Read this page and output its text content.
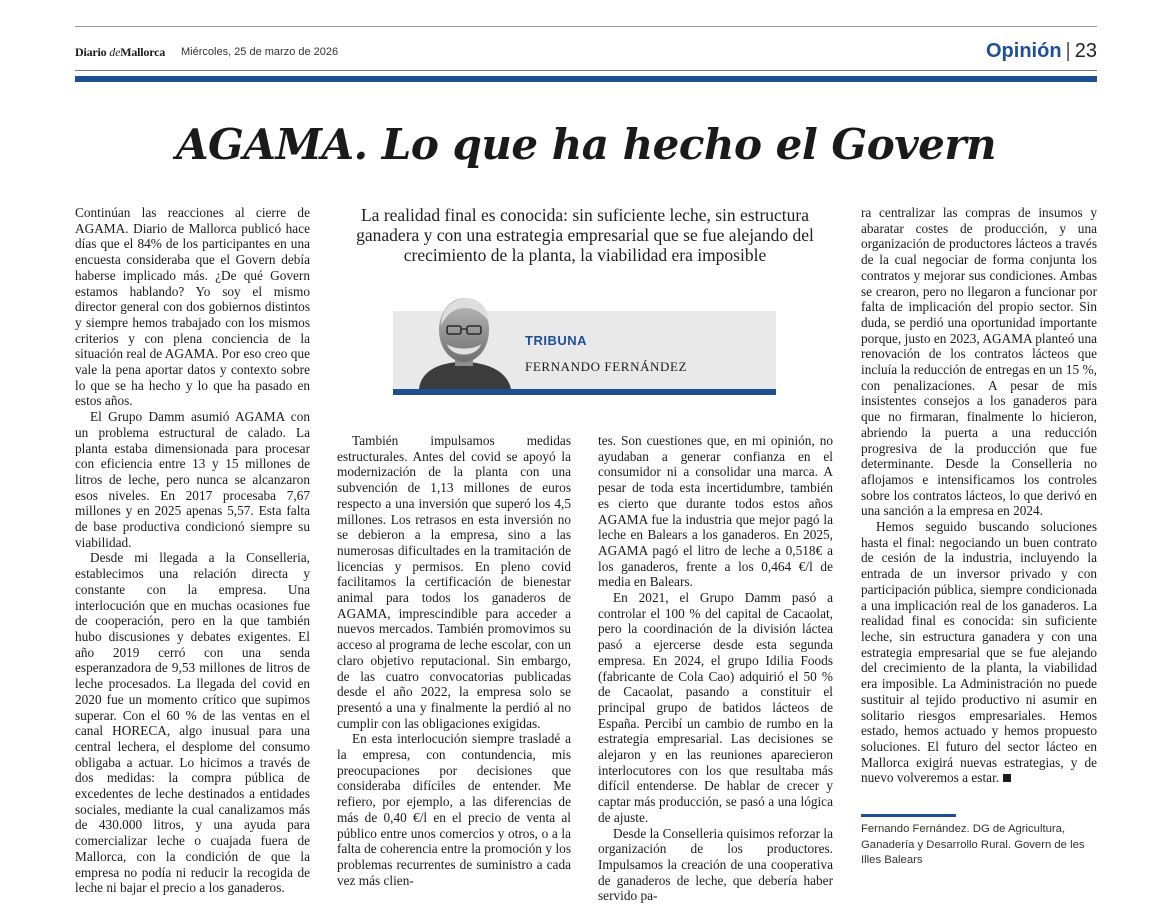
Diario deMallorca Miércoles, 25 de marzo de 2026	Opinión | 23
AGAMA. Lo que ha hecho el Govern

Continúan las reacciones al cierre de AGAMA. Diario de Mallorca publicó hace días que el 84% de los participantes en una encuesta consideraba que el Govern debía haberse implicado más. ¿De qué Govern estamos hablando? Yo soy el mismo director general con dos gobiernos distintos y siempre hemos trabajado con los mismos criterios y con plena conciencia de la situación real de AGAMA. Por eso creo que vale la pena aportar datos y contexto sobre lo que se ha hecho y lo que ha pasado en estos años.

El Grupo Damm asumió AGAMA con un problema estructural de calado. La planta estaba dimensionada para procesar con eficiencia entre 13 y 15 millones de litros de leche, pero nunca se alcanzaron esos niveles. En 2017 procesaba 7,67 millones y en 2025 apenas 5,57. Esta falta de base productiva condicionó siempre su viabilidad.

Desde mi llegada a la Conselleria, establecimos una relación directa y constante con la empresa. Una interlocución que en muchas ocasiones fue de cooperación, pero en la que también hubo discusiones y debates exigentes. El año 2019 cerró con una senda esperanzadora de 9,53 millones de litros de leche procesados. La llegada del covid en 2020 fue un momento crítico que supimos superar. Con el 60 % de las ventas en el canal HORECA, algo inusual para una central lechera, el desplome del consumo obligaba a actuar. Lo hicimos a través de dos medidas: la compra pública de excedentes de leche destinados a entidades sociales, mediante la cual canalizamos más de 430.000 litros, y una ayuda para comercializar leche o cuajada fuera de Mallorca, con la condición de que la empresa no podía ni reducir la recogida de leche ni bajar el precio a los ganaderos.

La realidad final es conocida: sin suficiente leche, sin estructura ganadera y con una estrategia empresarial que se fue alejando del crecimiento de la planta, la viabilidad era imposible
TRIBUNA
FERNANDO FERNÁNDEZ

También impulsamos medidas estructurales. Antes del covid se apoyó la modernización de la planta con una subvención de 1,13 millones de euros respecto a una inversión que superó los 4,5 millones. Los retrasos en esta inversión no se debieron a la empresa, sino a las numerosas dificultades en la tramitación de licencias y permisos. En pleno covid facilitamos la certificación de bienestar animal para todos los ganaderos de AGAMA, imprescindible para acceder a nuevos mercados. También promovimos su acceso al programa de leche escolar, con un claro objetivo reputacional. Sin embargo, de las cuatro convocatorias publicadas desde el año 2022, la empresa solo se presentó a una y finalmente la perdió al no cumplir con las obligaciones exigidas.

En esta interlocución siempre trasladé a la empresa, con contundencia, mis preocupaciones por decisiones que consideraba difíciles de entender. Me refiero, por ejemplo, a las diferencias de más de 0,40 €/l en el precio de venta al público entre unos comercios y otros, o a la falta de coherencia entre la promoción y los problemas recurrentes de suministro a cada vez más clien-

tes. Son cuestiones que, en mi opinión, no ayudaban a generar confianza en el consumidor ni a consolidar una marca. A pesar de toda esta incertidumbre, también es cierto que durante todos estos años AGAMA fue la industria que mejor pagó la leche en Balears a los ganaderos. En 2025, AGAMA pagó el litro de leche a 0,518€ a los ganaderos, frente a los 0,464 €/l de media en Balears.

En 2021, el Grupo Damm pasó a controlar el 100 % del capital de Cacaolat, pero la coordinación de la división láctea pasó a ejercerse desde esta segunda empresa. En 2024, el grupo Idilia Foods (fabricante de Cola Cao) adquirió el 50 % de Cacaolat, pasando a constituir el principal grupo de batidos lácteos de España. Percibí un cambio de rumbo en la estrategia empresarial. Las decisiones se alejaron y en las reuniones aparecieron interlocutores con los que resultaba más difícil entenderse. De hablar de crecer y captar más producción, se pasó a una lógica de ajuste.

Desde la Conselleria quisimos reforzar la organización de los productores. Impulsamos la creación de una cooperativa de ganaderos de leche, que debería haber servido pa-

ra centralizar las compras de insumos y abaratar costes de producción, y una organización de productores lácteos a través de la cual negociar de forma conjunta los contratos y mejorar sus condiciones. Ambas se crearon, pero no llegaron a funcionar por falta de implicación del propio sector. Sin duda, se perdió una oportunidad importante porque, justo en 2023, AGAMA planteó una renovación de los contratos lácteos que incluía la reducción de entregas en un 15 %, con penalizaciones. A pesar de mis insistentes consejos a los ganaderos para que no firmaran, finalmente lo hicieron, abriendo la puerta a una reducción progresiva de la producción que fue determinante. Desde la Conselleria no aflojamos e intensificamos los controles sobre los contratos lácteos, lo que derivó en una sanción a la empresa en 2024.

Hemos seguido buscando soluciones hasta el final: negociando un buen contrato de cesión de la industria, incluyendo la entrada de un inversor privado y con participación pública, siempre condicionada a una implicación real de los ganaderos. La realidad final es conocida: sin suficiente leche, sin estructura ganadera y con una estrategia empresarial que se fue alejando del crecimiento de la planta, la viabilidad era imposible. La Administración no puede sustituir al tejido productivo ni asumir en solitario riesgos empresariales. Hemos estado, hemos actuado y hemos propuesto soluciones. El futuro del sector lácteo en Mallorca exigirá nuevas estrategias, y de nuevo volveremos a estar.

Fernando Fernández. DG de Agricultura, Ganadería y Desarrollo Rural. Govern de les Illes Balears
